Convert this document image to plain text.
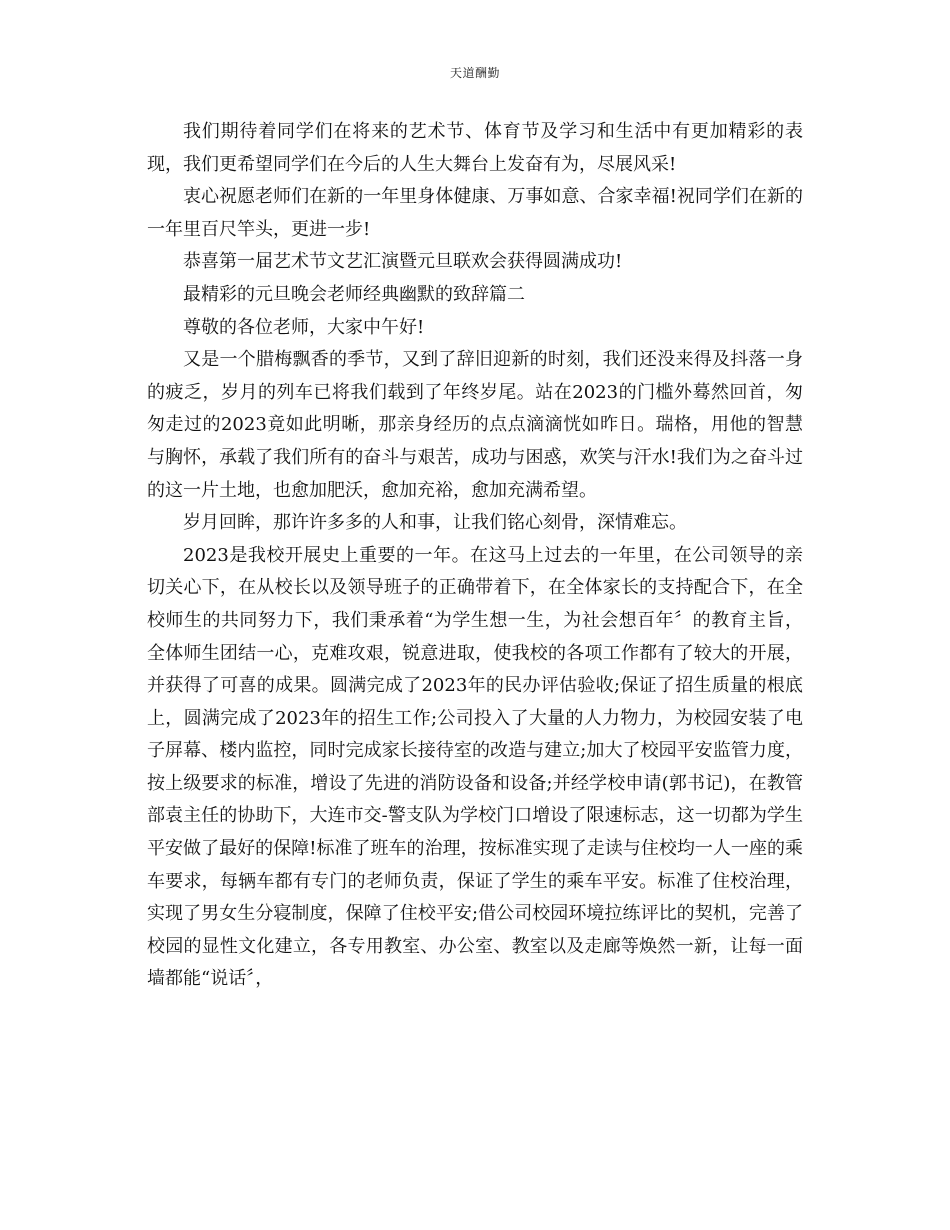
天道酬勤

我们期待着同学们在将来的艺术节、体育节及学习和生活中有更加精彩的表现，我们更希望同学们在今后的人生大舞台上发奋有为，尽展风采!

衷心祝愿老师们在新的一年里身体健康、万事如意、合家幸福!祝同学们在新的一年里百尺竿头，更进一步!

恭喜第一届艺术节文艺汇演暨元旦联欢会获得圆满成功!

最精彩的元旦晚会老师经典幽默的致辞篇二

尊敬的各位老师，大家中午好!

又是一个腊梅飘香的季节，又到了辞旧迎新的时刻，我们还没来得及抖落一身的疲乏，岁月的列车已将我们载到了年终岁尾。站在2023的门槛外蓦然回首，匆匆走过的2023竟如此明晰，那亲身经历的点点滴滴恍如昨日。瑞格，用他的智慧与胸怀，承载了我们所有的奋斗与艰苦，成功与困惑，欢笑与汗水!我们为之奋斗过的这一片土地，也愈加肥沃，愈加充裕，愈加充满希望。

岁月回眸，那许许多多的人和事，让我们铭心刻骨，深情难忘。

2023是我校开展史上重要的一年。在这马上过去的一年里，在公司领导的亲切关心下，在从校长以及领导班子的正确带着下，在全体家长的支持配合下，在全校师生的共同努力下，我们秉承着“为学生想一生，为社会想百年〞的教育主旨，全体师生团结一心，克难攻艰，锐意进取，使我校的各项工作都有了较大的开展，并获得了可喜的成果。圆满完成了2023年的民办评估验收;保证了招生质量的根底上，圆满完成了2023年的招生工作;公司投入了大量的人力物力，为校园安装了电子屏幕、楼内监控，同时完成家长接待室的改造与建立;加大了校园平安监管力度，按上级要求的标准，增设了先进的消防设备和设备;并经学校申请(郭书记)，在教管部袁主任的协助下，大连市交-警支队为学校门口增设了限速标志，这一切都为学生平安做了最好的保障!标准了班车的治理，按标准实现了走读与住校均一人一座的乘车要求，每辆车都有专门的老师负责，保证了学生的乘车平安。标准了住校治理，实现了男女生分寝制度，保障了住校平安;借公司校园环境拉练评比的契机，完善了校园的显性文化建立，各专用教室、办公室、教室以及走廊等焕然一新，让每一面墙都能“说话〞，
